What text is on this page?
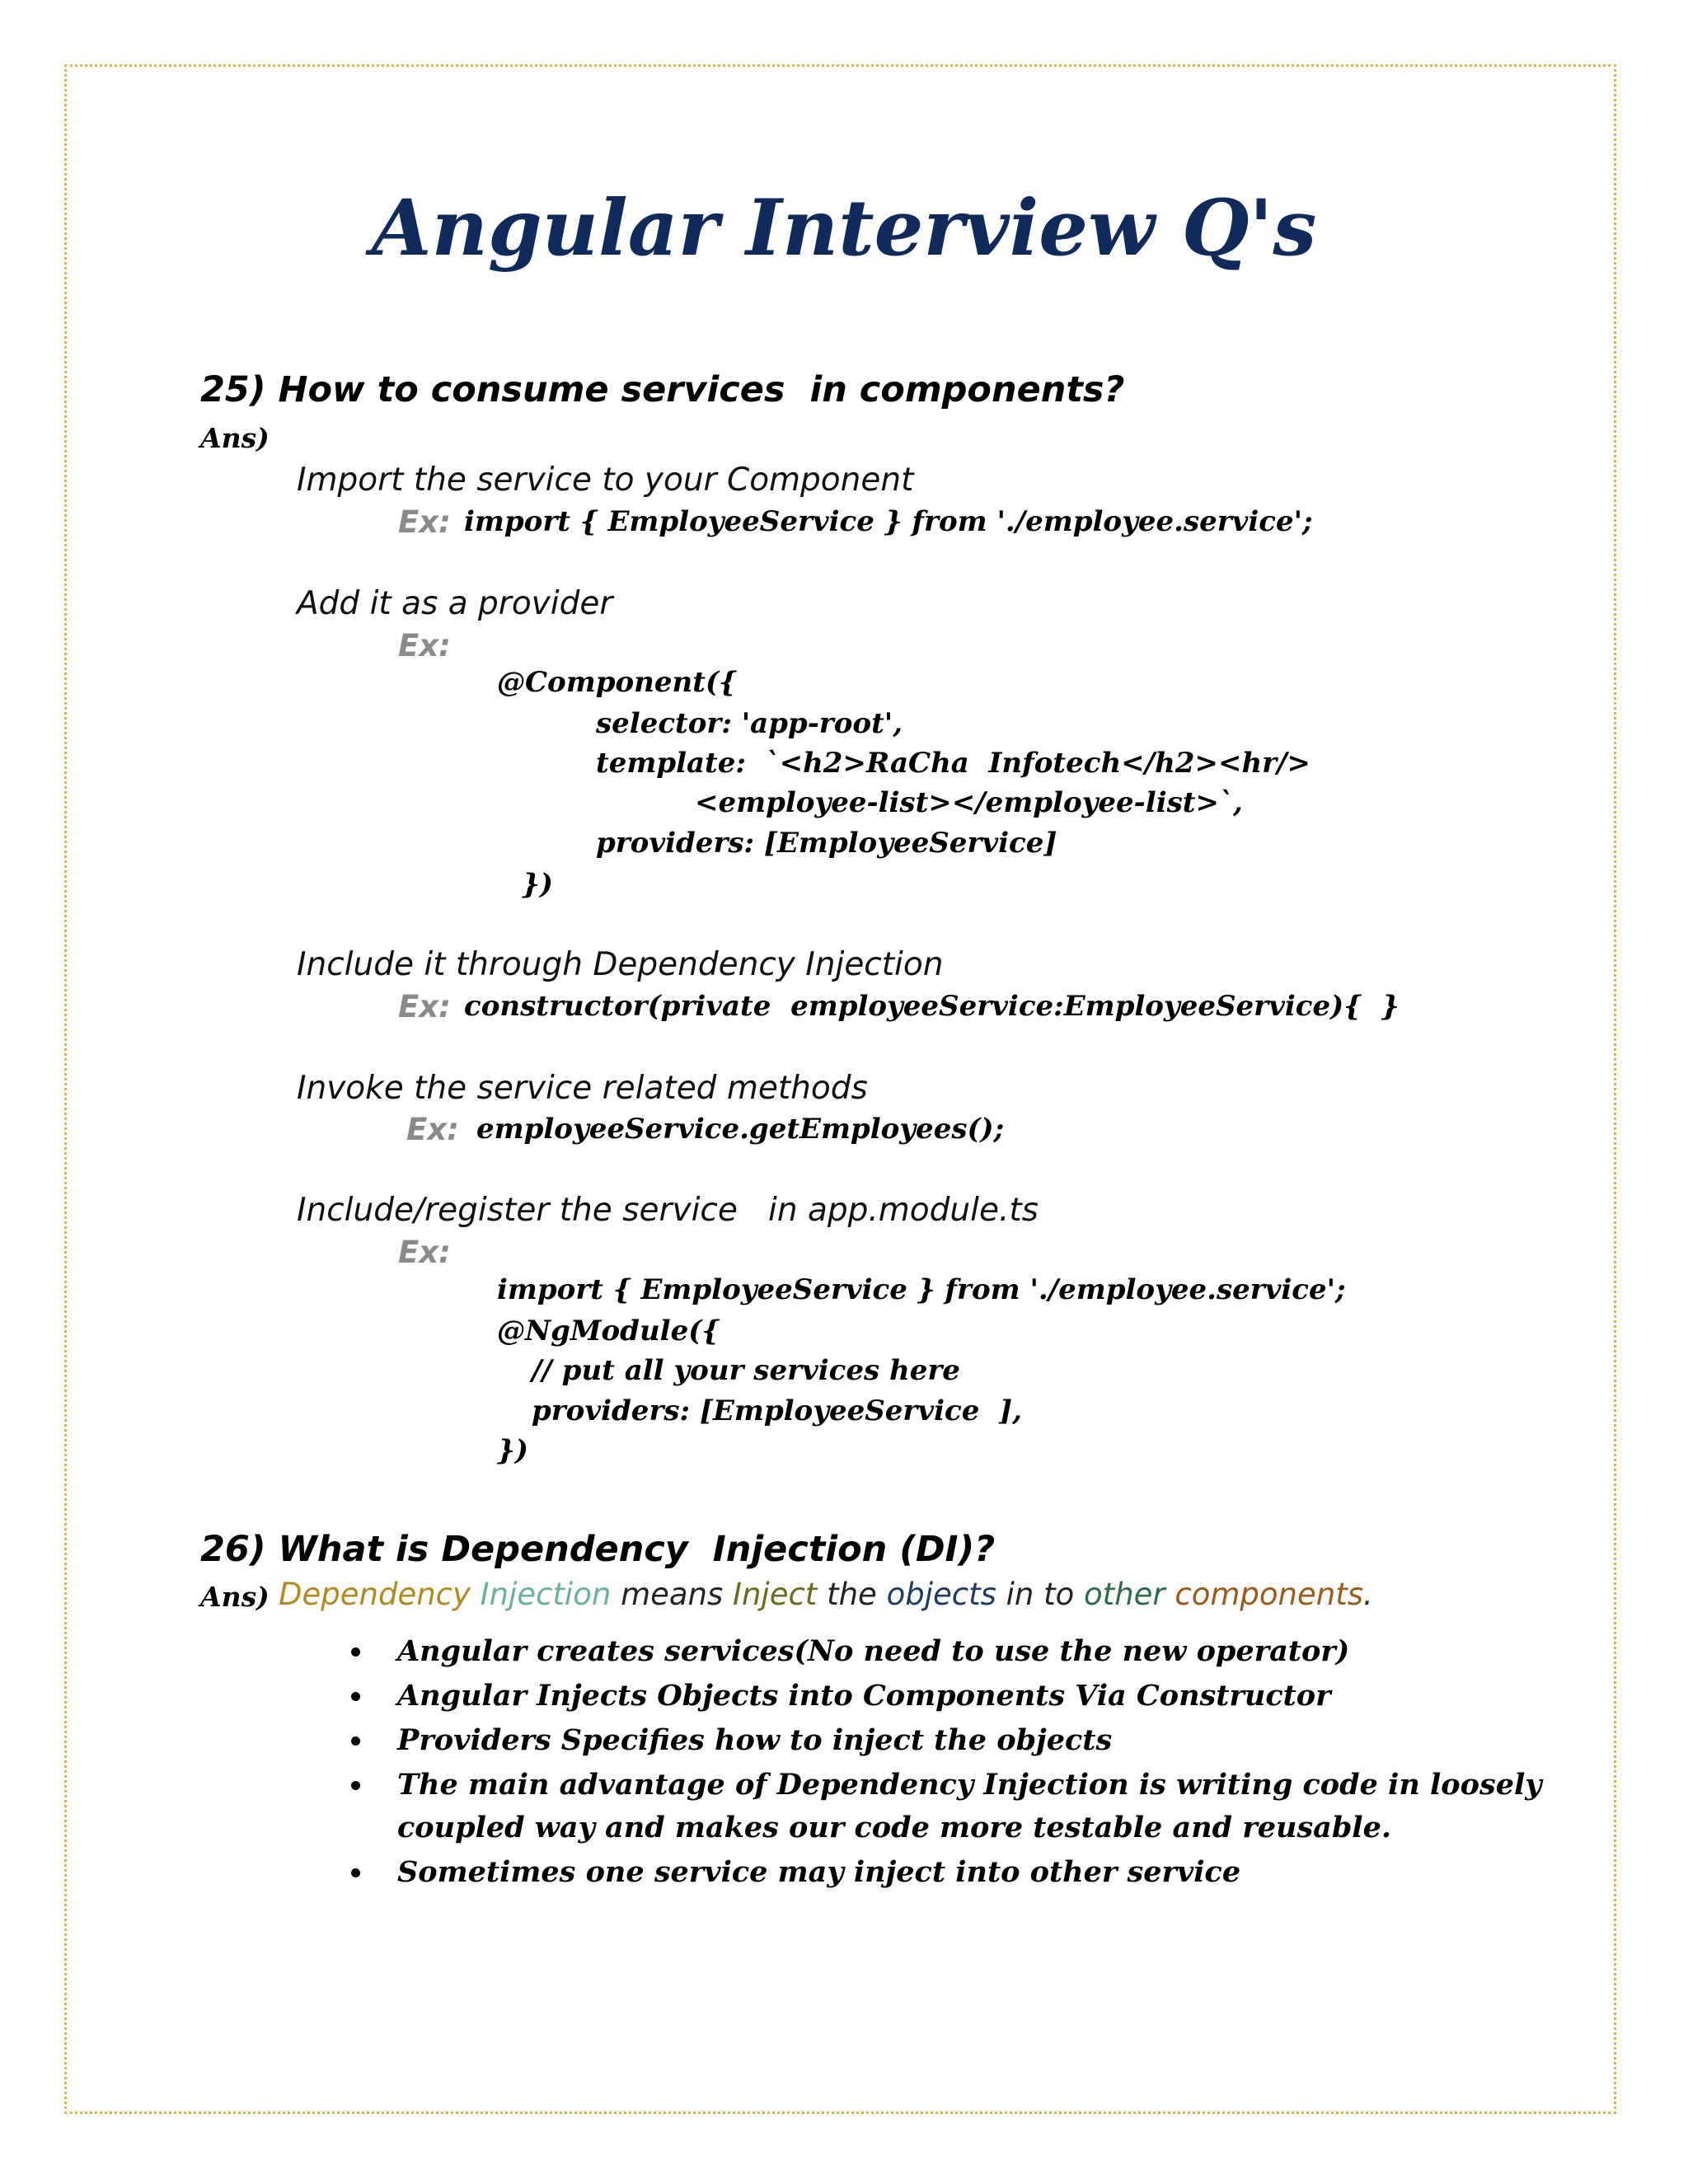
Angular Interview Q's
25) How to consume services  in components?
Ans)
Import the service to your Component
Ex: import { EmployeeService } from './employee.service';
Add it as a provider
Ex:
@Component({
selector: 'app-root',
template:  `<h2>RaCha  Infotech</h2><hr/>
<employee-list></employee-list>`,
providers: [EmployeeService]
})
Include it through Dependency Injection
Ex: constructor(private  employeeService:EmployeeService){  }
Invoke the service related methods
Ex: employeeService.getEmployees();
Include/register the service   in app.module.ts
Ex:
import { EmployeeService } from './employee.service';
@NgModule({
// put all your services here
providers: [EmployeeService  ],
})
26) What is Dependency  Injection (DI)?
Ans) Dependency Injection means Inject the objects in to other components.
Angular creates services(No need to use the new operator)
Angular Injects Objects into Components Via Constructor
Providers Specifies how to inject the objects
The main advantage of Dependency Injection is writing code in loosely coupled way and makes our code more testable and reusable.
Sometimes one service may inject into other service
